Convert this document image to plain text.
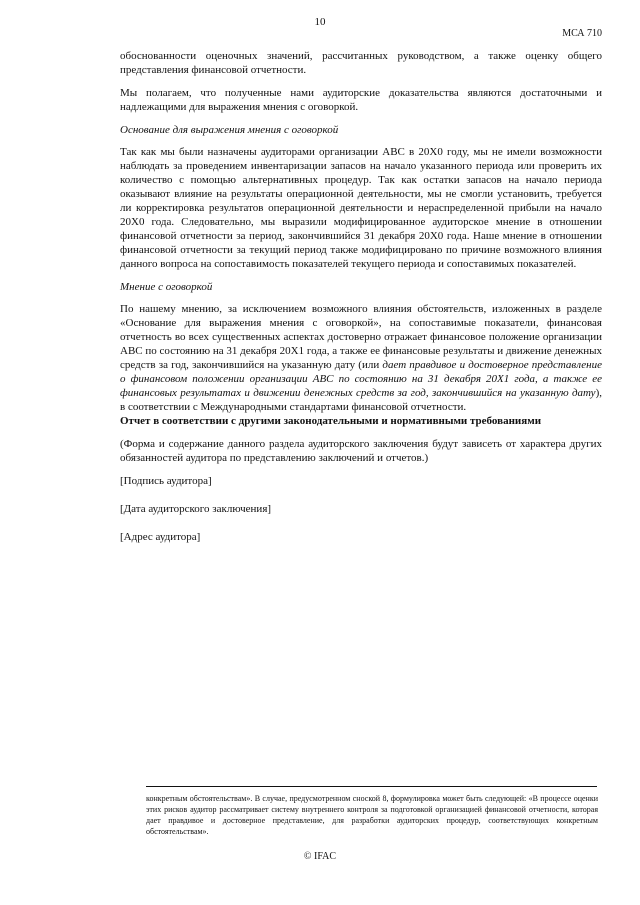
10
МСА 710

обоснованности оценочных значений, рассчитанных руководством, а также оценку общего представления финансовой отчетности.

Мы полагаем, что полученные нами аудиторские доказательства являются достаточными и надлежащими для выражения мнения с оговоркой.

Основание для выражения мнения с оговоркой

Так как мы были назначены аудиторами организации ABC в 20X0 году, мы не имели возможности наблюдать за проведением инвентаризации запасов на начало указанного периода или проверить их количество с помощью альтернативных процедур. Так как остатки запасов на начало периода оказывают влияние на результаты операционной деятельности, мы не смогли установить, требуется ли корректировка результатов операционной деятельности и нераспределенной прибыли на начало 20X0 года. Следовательно, мы выразили модифицированное аудиторское мнение в отношении финансовой отчетности за период, закончившийся 31 декабря 20X0 года. Наше мнение в отношении финансовой отчетности за текущий период также модифицировано по причине возможного влияния данного вопроса на сопоставимость показателей текущего периода и сопоставимых показателей.

Мнение с оговоркой

По нашему мнению, за исключением возможного влияния обстоятельств, изложенных в разделе «Основание для выражения мнения с оговоркой», на сопоставимые показатели, финансовая отчетность во всех существенных аспектах достоверно отражает финансовое положение организации ABC по состоянию на 31 декабря 20X1 года, а также ее финансовые результаты и движение денежных средств за год, закончившийся на указанную дату (или дает правдивое и достоверное представление о финансовом положении организации ABC по состоянию на 31 декабря 20X1 года, а также ее финансовых результатах и движении денежных средств за год, закончившийся на указанную дату), в соответствии с Международными стандартами финансовой отчетности.

Отчет в соответствии с другими законодательными и нормативными требованиями

(Форма и содержание данного раздела аудиторского заключения будут зависеть от характера других обязанностей аудитора по представлению заключений и отчетов.)

[Подпись аудитора]
[Дата аудиторского заключения]
[Адрес аудитора]
конкретным обстоятельствам». В случае, предусмотренном сноской 8, формулировка может быть следующей: «В процессе оценки этих рисков аудитор рассматривает систему внутреннего контроля за подготовкой организацией финансовой отчетности, которая дает правдивое и достоверное представление, для разработки аудиторских процедур, соответствующих конкретным обстоятельствам».
© IFAC
